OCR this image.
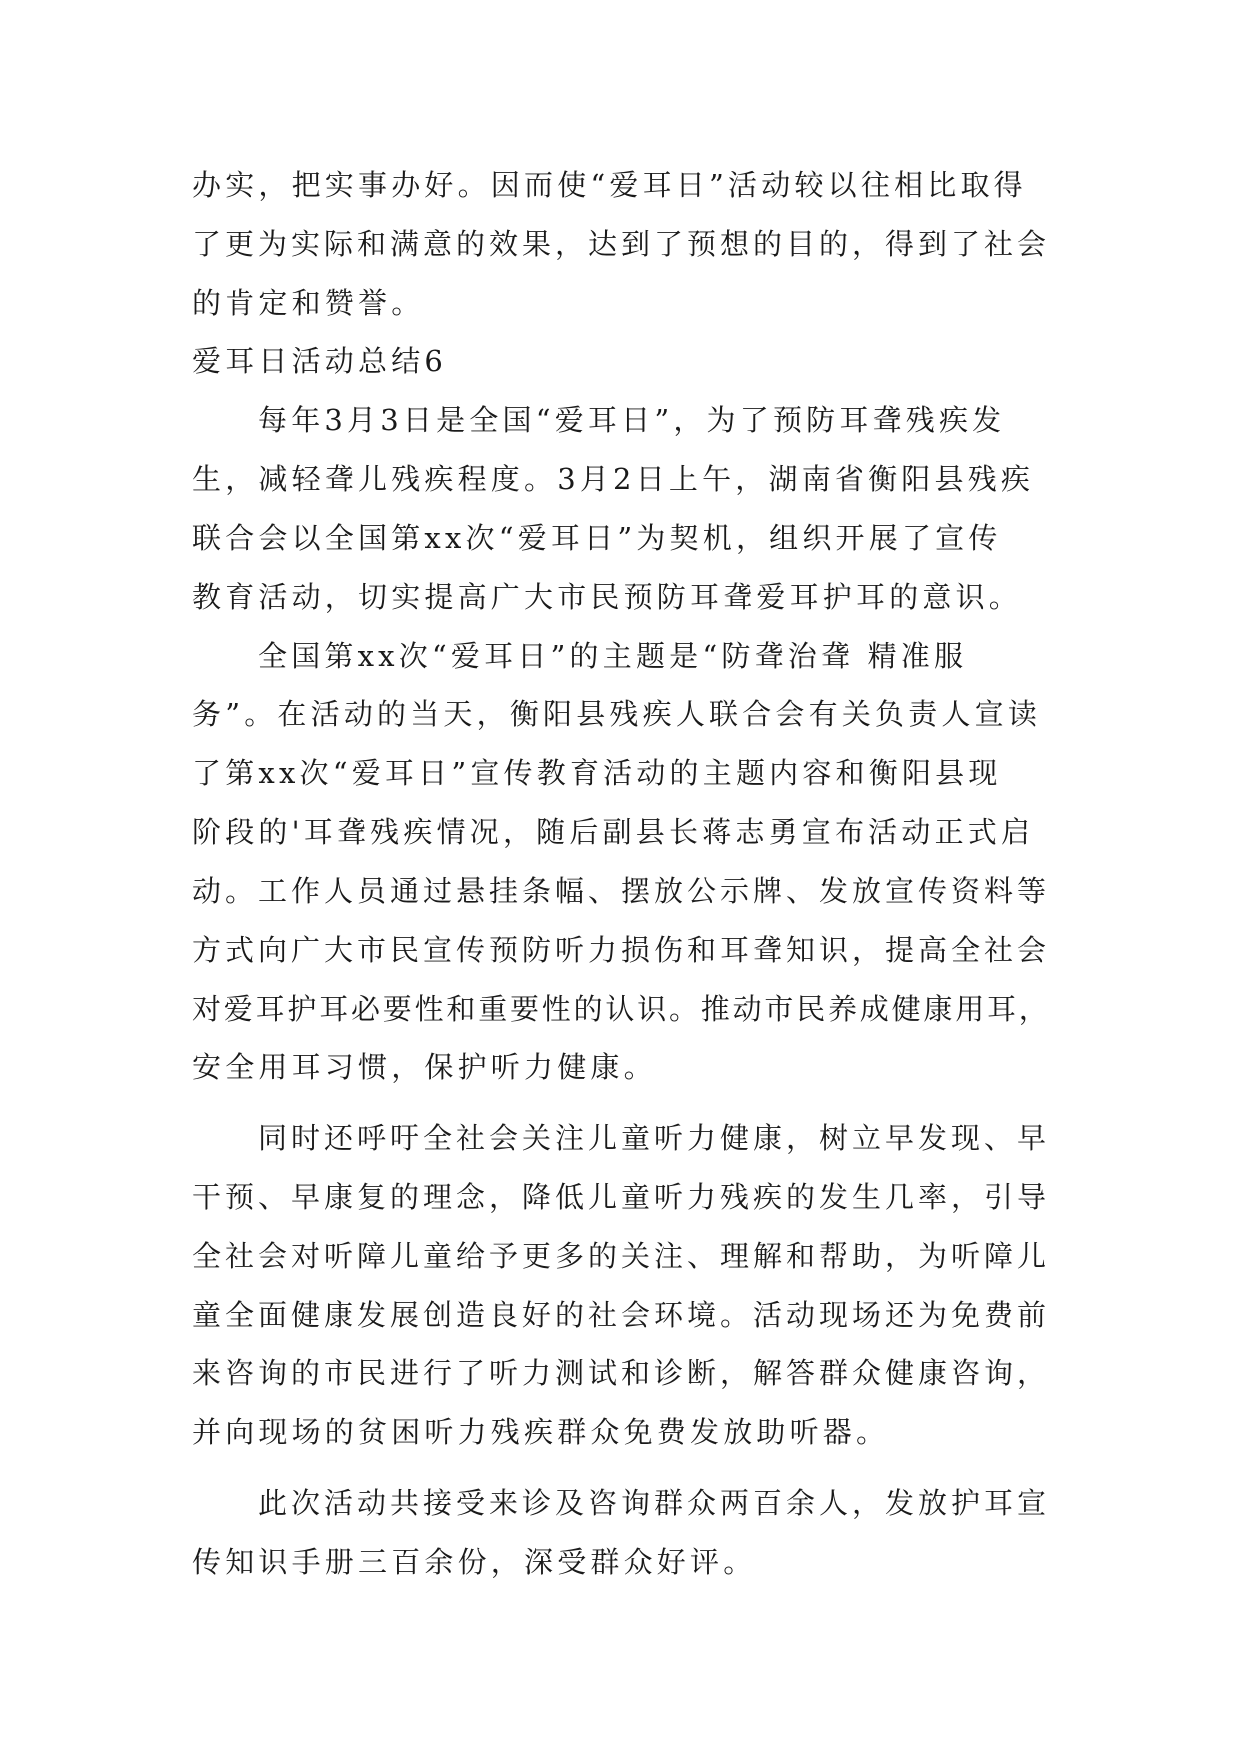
办实，把实事办好。因而使“爱耳日”活动较以往相比取得
了更为实际和满意的效果，达到了预想的目的，得到了社会
的肯定和赞誉。
爱耳日活动总结6
每年3月3日是全国“爱耳日”，为了预防耳聋残疾发
生，减轻聋儿残疾程度。3月2日上午，湖南省衡阳县残疾
联合会以全国第xx次“爱耳日”为契机，组织开展了宣传
教育活动，切实提高广大市民预防耳聋爱耳护耳的意识。
全国第xx次“爱耳日”的主题是“防聋治聋 精准服
务”。在活动的当天，衡阳县残疾人联合会有关负责人宣读
了第xx次“爱耳日”宣传教育活动的主题内容和衡阳县现
阶段的'耳聋残疾情况，随后副县长蒋志勇宣布活动正式启
动。工作人员通过悬挂条幅、摆放公示牌、发放宣传资料等
方式向广大市民宣传预防听力损伤和耳聋知识，提高全社会
对爱耳护耳必要性和重要性的认识。推动市民养成健康用耳，
安全用耳习惯，保护听力健康。
同时还呼吁全社会关注儿童听力健康，树立早发现、早
干预、早康复的理念，降低儿童听力残疾的发生几率，引导
全社会对听障儿童给予更多的关注、理解和帮助，为听障儿
童全面健康发展创造良好的社会环境。活动现场还为免费前
来咨询的市民进行了听力测试和诊断，解答群众健康咨询，
并向现场的贫困听力残疾群众免费发放助听器。
此次活动共接受来诊及咨询群众两百余人，发放护耳宣
传知识手册三百余份，深受群众好评。
